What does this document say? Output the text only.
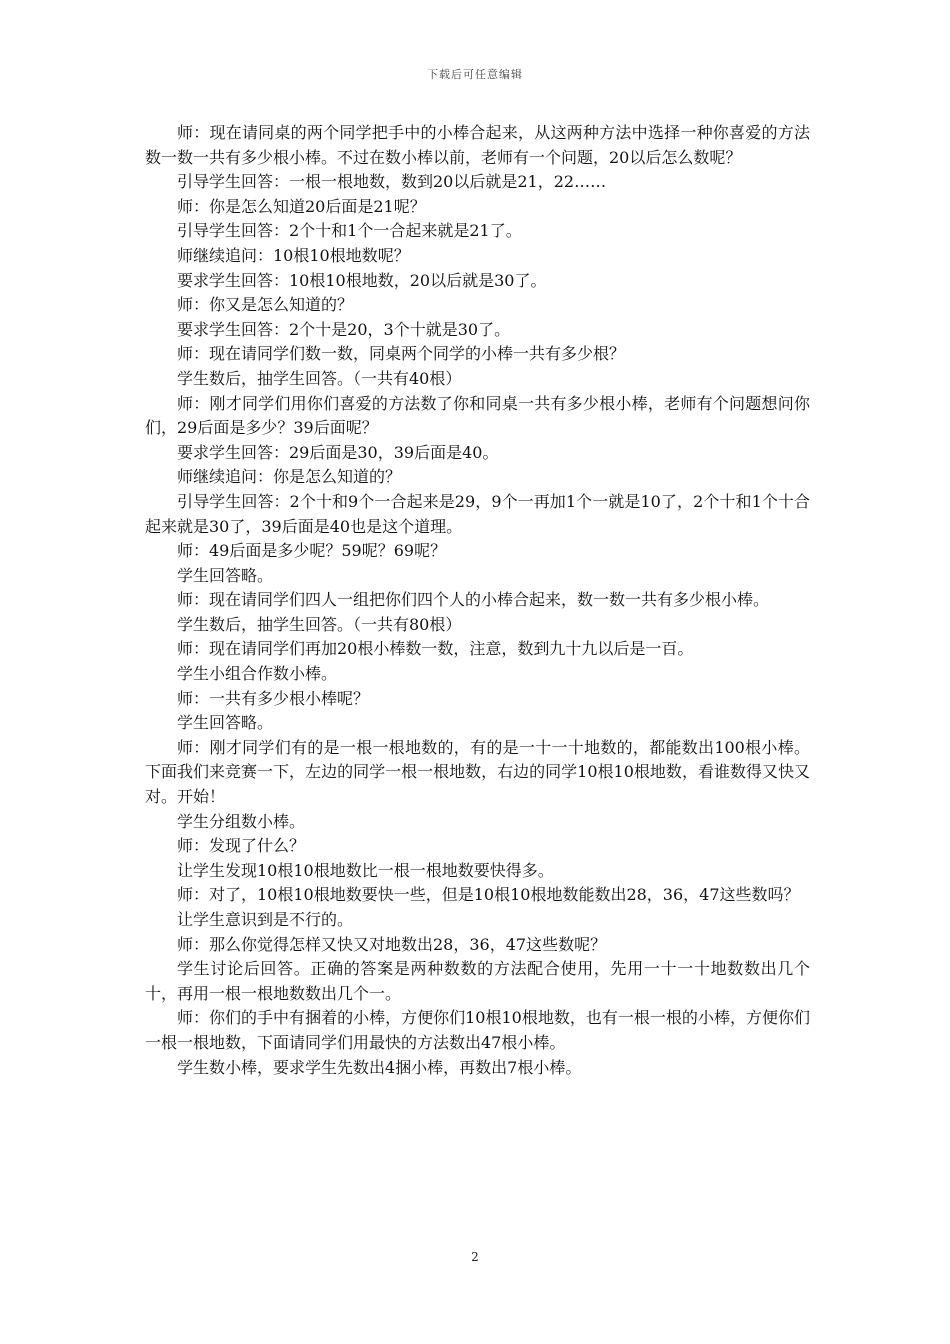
下载后可任意编辑

师：现在请同桌的两个同学把手中的小棒合起来，从这两种方法中选择一种你喜爱的方法数一数一共有多少根小棒。不过在数小棒以前，老师有一个问题，20以后怎么数呢？

引导学生回答：一根一根地数，数到20以后就是21，22……

师：你是怎么知道20后面是21呢？

引导学生回答：2个十和1个一合起来就是21了。

师继续追问：10根10根地数呢？

要求学生回答：10根10根地数，20以后就是30了。

师：你又是怎么知道的？

要求学生回答：2个十是20，3个十就是30了。

师：现在请同学们数一数，同桌两个同学的小棒一共有多少根？

学生数后，抽学生回答。（一共有40根）

师：刚才同学们用你们喜爱的方法数了你和同桌一共有多少根小棒，老师有个问题想问你们，29后面是多少？39后面呢？

要求学生回答：29后面是30，39后面是40。

师继续追问：你是怎么知道的？

引导学生回答：2个十和9个一合起来是29，9个一再加1个一就是10了，2个十和1个十合起来就是30了，39后面是40也是这个道理。

师：49后面是多少呢？59呢？69呢？

学生回答略。

师：现在请同学们四人一组把你们四个人的小棒合起来，数一数一共有多少根小棒。

学生数后，抽学生回答。（一共有80根）

师：现在请同学们再加20根小棒数一数，注意，数到九十九以后是一百。

学生小组合作数小棒。

师：一共有多少根小棒呢？

学生回答略。

师：刚才同学们有的是一根一根地数的，有的是一十一十地数的，都能数出100根小棒。下面我们来竞赛一下，左边的同学一根一根地数，右边的同学10根10根地数，看谁数得又快又对。开始！

学生分组数小棒。

师：发现了什么？

让学生发现10根10根地数比一根一根地数要快得多。

师：对了，10根10根地数要快一些，但是10根10根地数能数出28，36，47这些数吗？

让学生意识到是不行的。

师：那么你觉得怎样又快又对地数出28，36，47这些数呢？

学生讨论后回答。正确的答案是两种数数的方法配合使用，先用一十一十地数数出几个十，再用一根一根地数数出几个一。

师：你们的手中有捆着的小棒，方便你们10根10根地数，也有一根一根的小棒，方便你们一根一根地数，下面请同学们用最快的方法数出47根小棒。

学生数小棒，要求学生先数出4捆小棒，再数出7根小棒。

2
